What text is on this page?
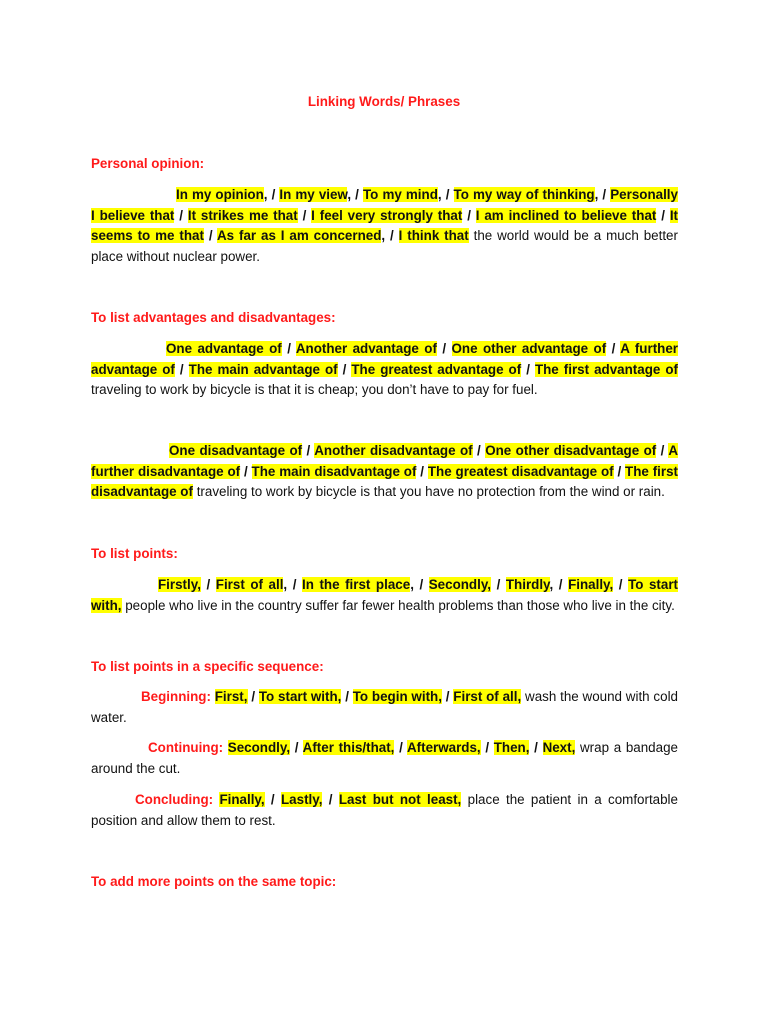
Linking Words/ Phrases
Personal opinion:
In my opinion, / In my view, / To my mind, / To my way of thinking, / Personally I believe that / It strikes me that / I feel very strongly that / I am inclined to believe that / It seems to me that / As far as I am concerned, / I think that the world would be a much better place without nuclear power.
To list advantages and disadvantages:
One advantage of / Another advantage of / One other advantage of / A further advantage of / The main advantage of / The greatest advantage of / The first advantage of traveling to work by bicycle is that it is cheap; you don’t have to pay for fuel.
One disadvantage of / Another disadvantage of / One other disadvantage of / A further disadvantage of / The main disadvantage of / The greatest disadvantage of / The first disadvantage of traveling to work by bicycle is that you have no protection from the wind or rain.
To list points:
Firstly, / First of all, / In the first place, / Secondly, / Thirdly, / Finally, / To start with, people who live in the country suffer far fewer health problems than those who live in the city.
To list points in a specific sequence:
Beginning: First, / To start with, / To begin with, / First of all, wash the wound with cold water.
Continuing: Secondly, / After this/that, / Afterwards, / Then, / Next, wrap a bandage around the cut.
Concluding: Finally, / Lastly, / Last but not least, place the patient in a comfortable position and allow them to rest.
To add more points on the same topic:
